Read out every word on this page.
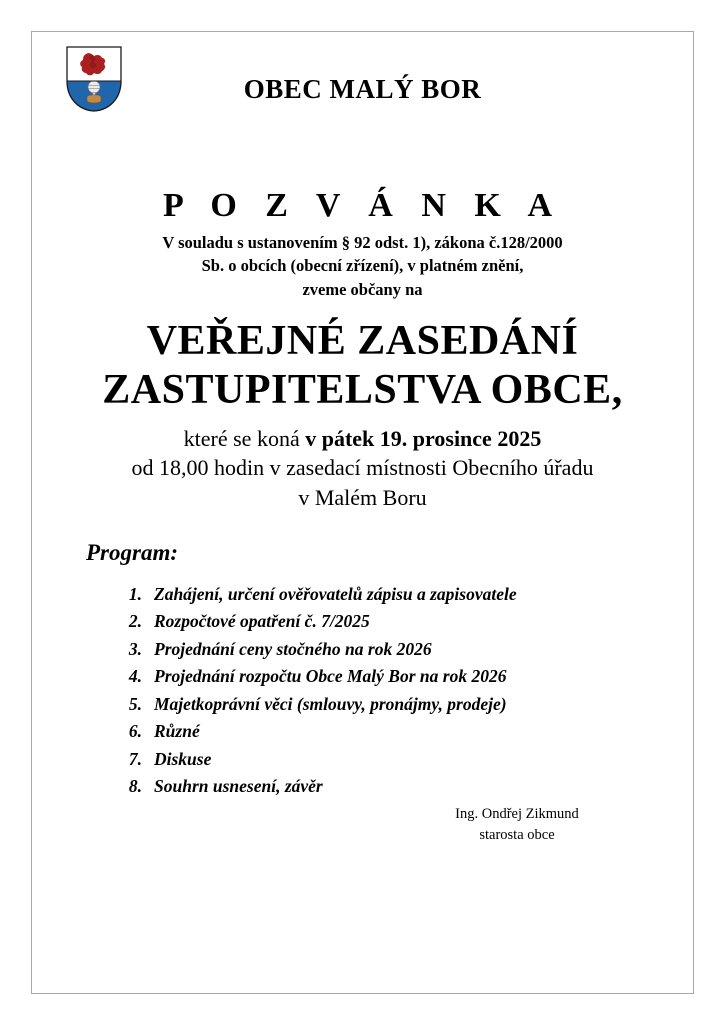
OBEC MALÝ BOR
P O Z V Á N K A
V souladu s ustanovením § 92 odst. 1), zákona č.128/2000
Sb. o obcích (obecní zřízení), v platném znění,
zveme občany na
VEŘEJNÉ ZASEDÁNÍ
ZASTUPITELSTVA OBCE,
které se koná v pátek 19. prosince 2025
od 18,00 hodin v zasedací místnosti Obecního úřadu
v Malém Boru
Program:
1. Zahájení, určení ověřovatelů zápisu a zapisovatele
2. Rozpočtové opatření č. 7/2025
3. Projednání ceny stočného na rok 2026
4. Projednání rozpočtu Obce Malý Bor na rok 2026
5. Majetkoprávní věci (smlouvy, pronájmy, prodeje)
6. Různé
7. Diskuse
8. Souhrn usnesení, závěr
Ing. Ondřej Zikmund
starosta obce
